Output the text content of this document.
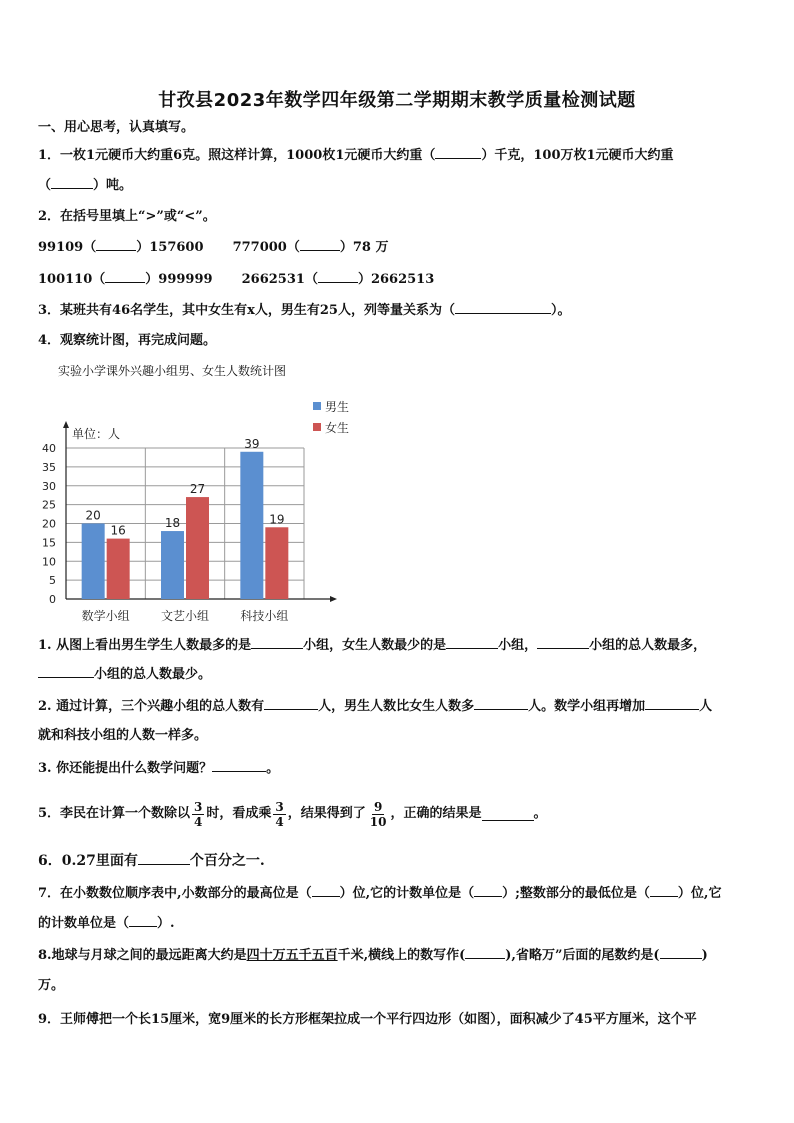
甘孜县2023年数学四年级第二学期期末教学质量检测试题
一、用心思考，认真填写。
1．一枚1元硬币大约重6克。照这样计算，1000枚1元硬币大约重（	）千克，100万枚1元硬币大约重
（	）吨。
2．在括号里填上“>”或“<”。
99109（	）157600 777000（	）78 万
100110（	）999999 2662531（	）2662513
3．某班共有46名学生，其中女生有x人，男生有25人，列等量关系为（	）。
4．观察统计图，再完成问题。
实验小学课外兴趣小组男、女生人数统计图
0
5
10
15
20
25
30
35
40
单位：人
20
16
数学小组
18
27
文艺小组
39
19
科技小组
男生
女生
1. 从图上看出男生学生人数最多的是	小组，女生人数最少的是	小组，	小组的总人数最多，
小组的总人数最少。
2. 通过计算，三个兴趣小组的总人数有	人，男生人数比女生人数多	人。数学小组再增加	人
就和科技小组的人数一样多。
3. 你还能提出什么数学问题？	。
5．李民在计算一个数除以 $\frac{3}{4}$ 时，看成乘 $\frac{3}{4}$ ，结果得到了 $\frac{9}{10}$ ，正确的结果是	。
6．0.27里面有	个百分之一.
7．在小数数位顺序表中,小数部分的最高位是（ ）位,它的计数单位是（ ）;整数部分的最低位是（ ）位,它
的计数单位是（ ）.
8.地球与月球之间的最远距离大约是四十万五千五百千米,横线上的数写作(	),省略万”后面的尾数约是(	)
万。
9．王师傅把一个长15厘米，宽9厘米的长方形框架拉成一个平行四边形（如图），面积减少了45平方厘米，这个平
